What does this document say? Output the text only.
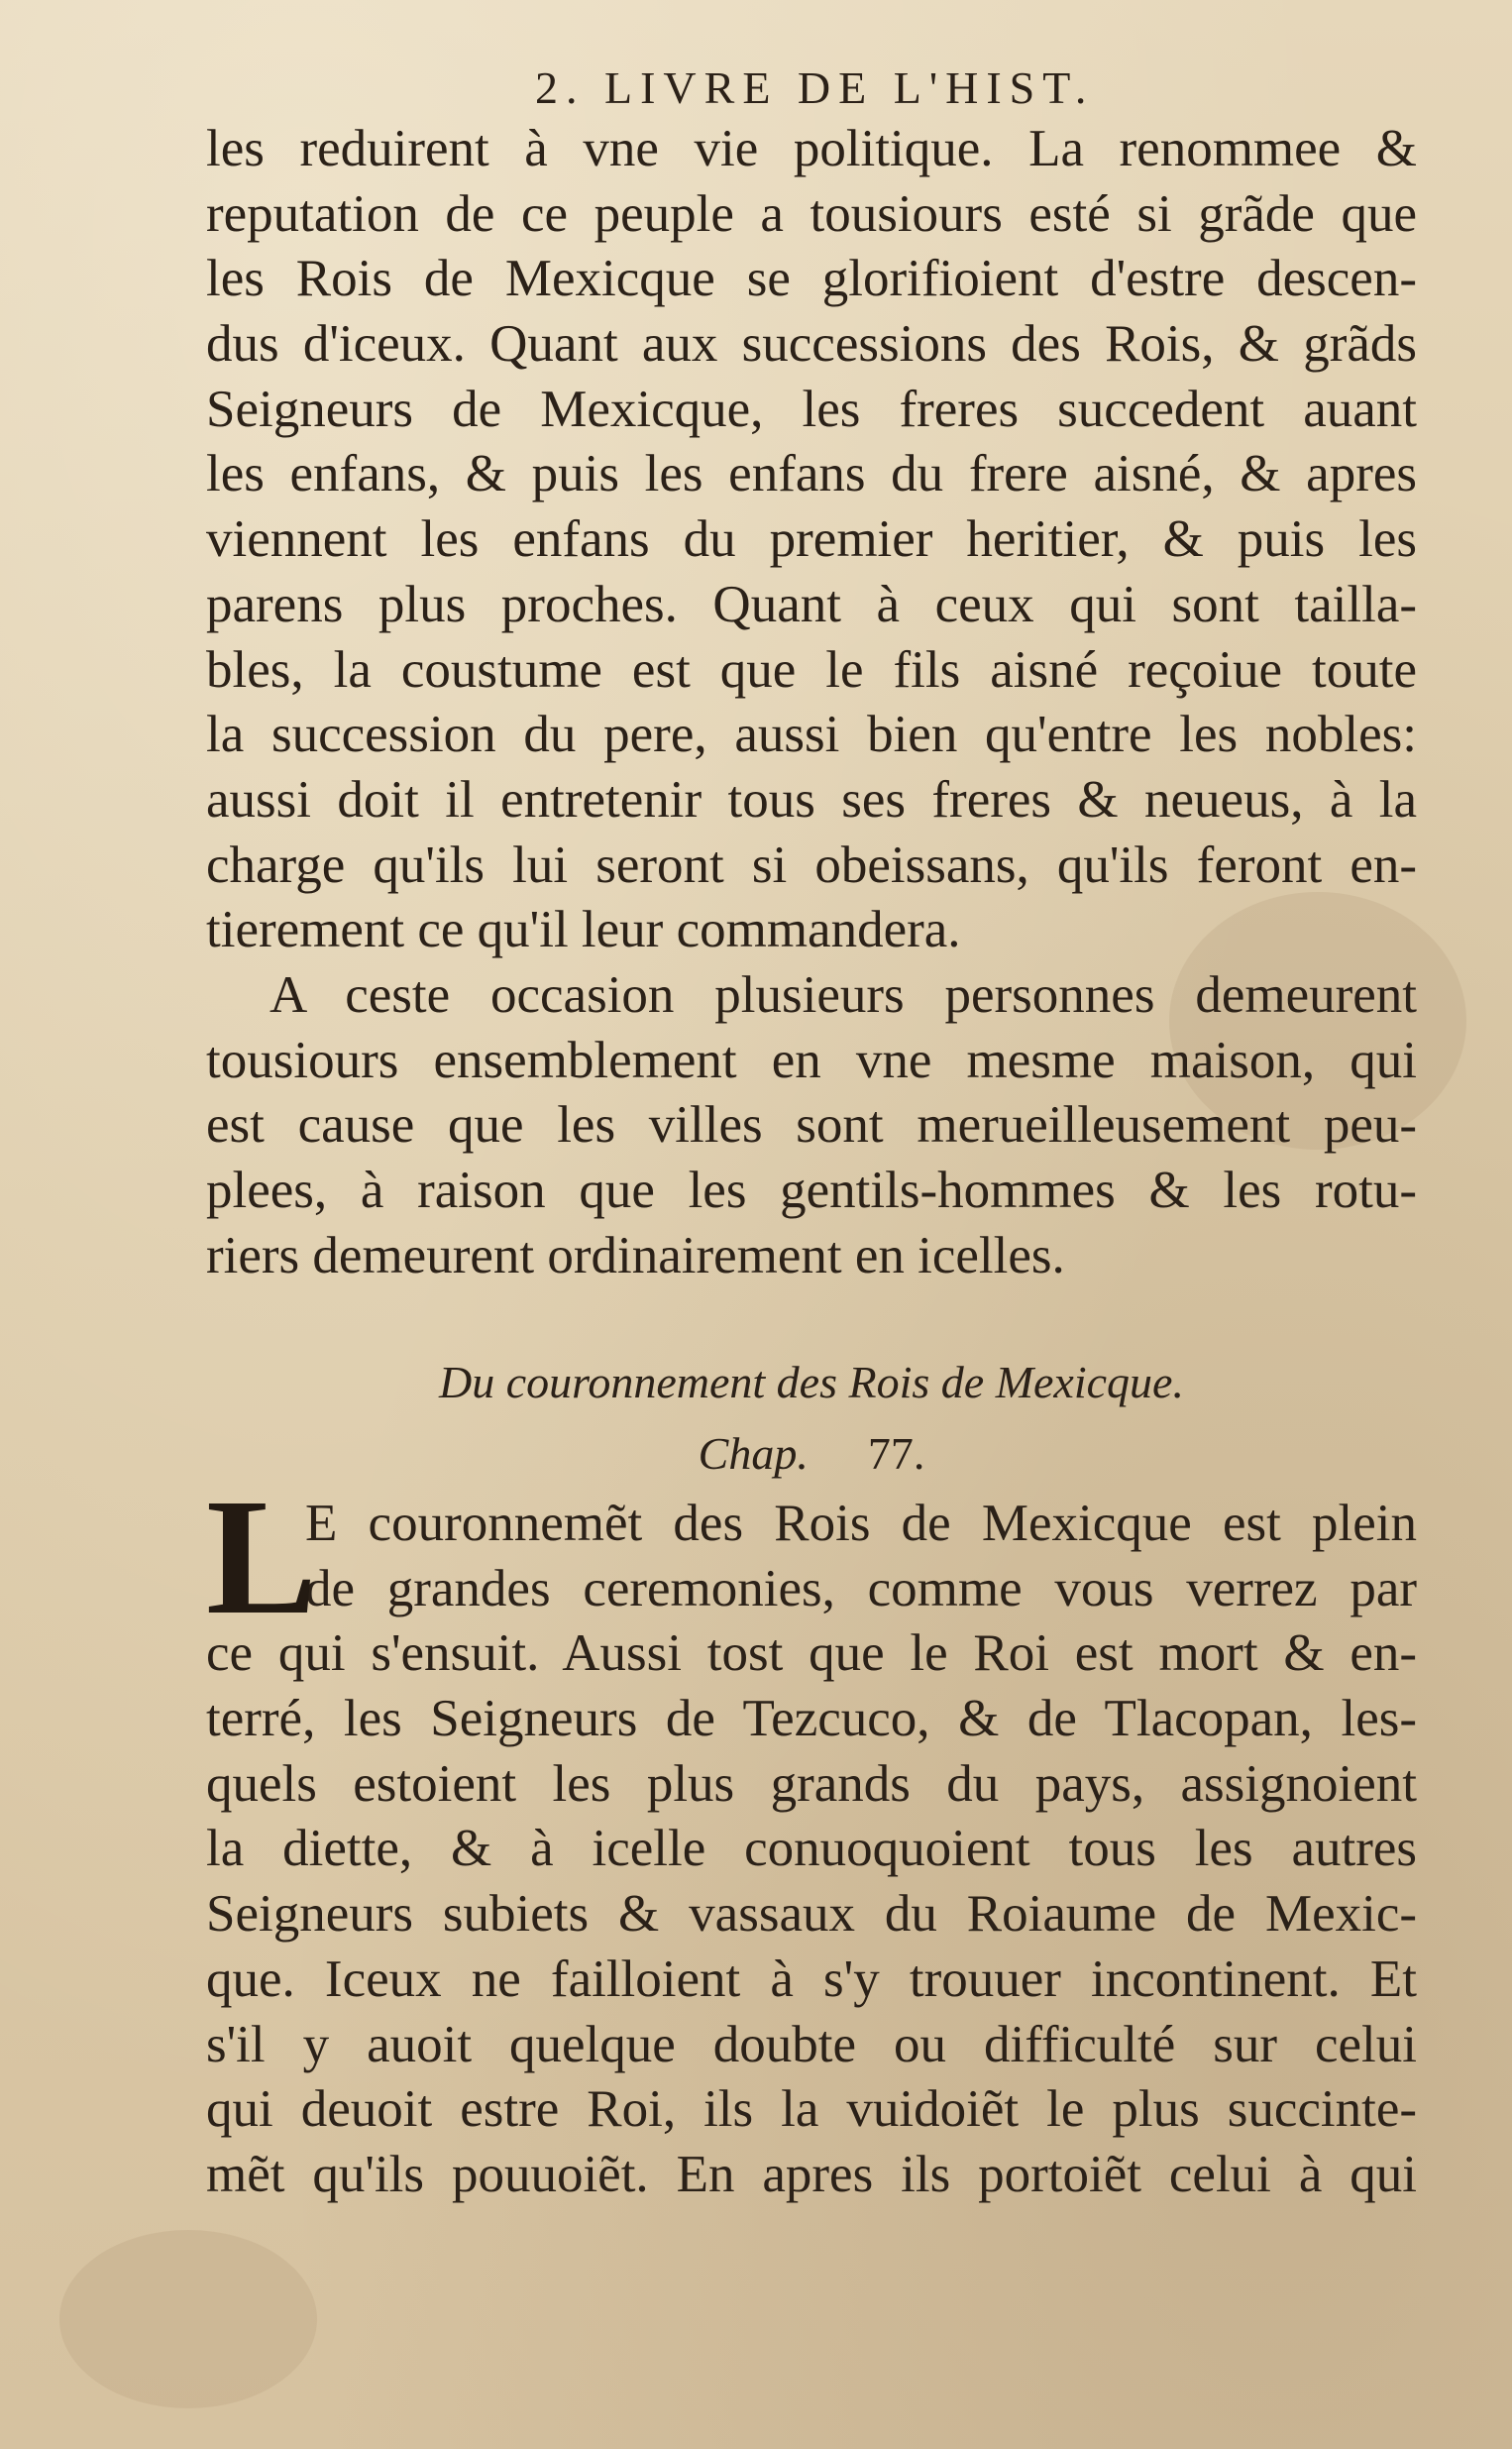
2. LIVRE DE L'HIST.
les reduirent à vne vie politique. La renommee &
reputation de ce peuple a tousiours esté si grãde que
les Rois de Mexicque se glorifioient d'estre descen-
dus d'iceux. Quant aux successions des Rois, & grãds
Seigneurs de Mexicque, les freres succedent auant
les enfans, & puis les enfans du frere aisné, & apres
viennent les enfans du premier heritier, & puis les
parens plus proches. Quant à ceux qui sont tailla-
bles, la coustume est que le fils aisné reçoiue toute
la succession du pere, aussi bien qu'entre les nobles:
aussi doit il entretenir tous ses freres & neueus, à la
charge qu'ils lui seront si obeissans, qu'ils feront en-
tierement ce qu'il leur commandera.
A ceste occasion plusieurs personnes demeurent
tousiours ensemblement en vne mesme maison, qui
est cause que les villes sont merueilleusement peu-
plees, à raison que les gentils-hommes & les rotu-
riers demeurent ordinairement en icelles.
Du couronnement des Rois de Mexicque.
Chap. 77.
L
E couronnemẽt des Rois de Mexicque est plein
de grandes ceremonies, comme vous verrez par
ce qui s'ensuit. Aussi tost que le Roi est mort & en-
terré, les Seigneurs de Tezcuco, & de Tlacopan, les-
quels estoient les plus grands du pays, assignoient
la diette, & à icelle conuoquoient tous les autres
Seigneurs subiets & vassaux du Roiaume de Mexic-
que. Iceux ne failloient à s'y trouuer incontinent. Et
s'il y auoit quelque doubte ou difficulté sur celui
qui deuoit estre Roi, ils la vuidoiẽt le plus succinte-
mẽt qu'ils pouuoiẽt. En apres ils portoiẽt celui à qui
